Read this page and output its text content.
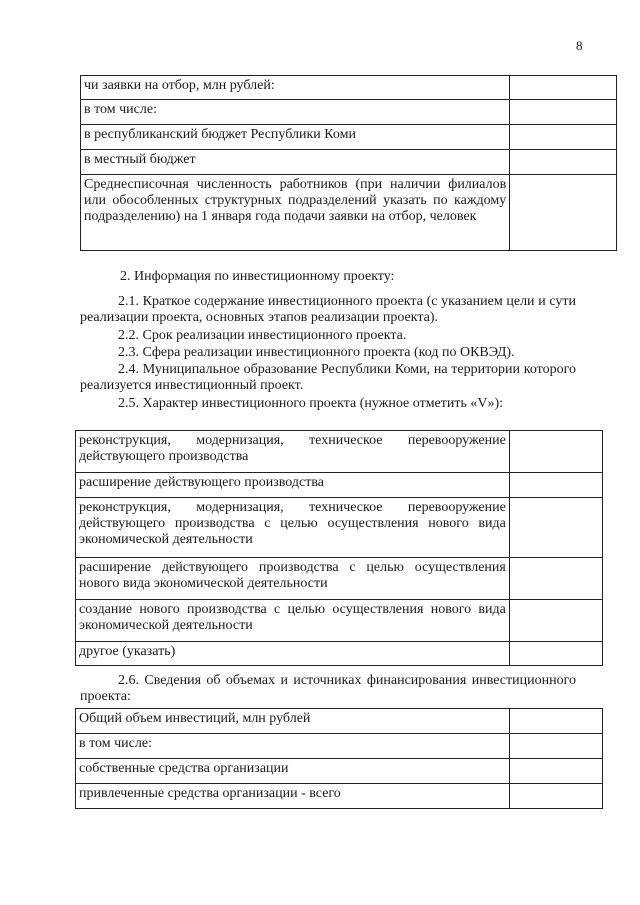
8
чи заявки на отбор, млн рублей:	
в том числе:	
в республиканский бюджет Республики Коми	
в местный бюджет	
Среднесписочная численность работников (при наличии филиалов или обособленных структурных подразделений указать по каждому подразделению) на 1 января года подачи заявки на отбор, человек	
2. Информация по инвестиционному проекту:
2.1. Краткое содержание инвестиционного проекта (с указанием цели и сути реализации проекта, основных этапов реализации проекта).
2.2. Срок реализации инвестиционного проекта.
2.3. Сфера реализации инвестиционного проекта (код по ОКВЭД).
2.4. Муниципальное образование Республики Коми, на территории которого реализуется инвестиционный проект.
2.5. Характер инвестиционного проекта (нужное отметить «V»):
реконструкция, модернизация, техническое перевооружение действующего производства	
расширение действующего производства	
реконструкция, модернизация, техническое перевооружение действующего производства с целью осуществления нового вида экономической деятельности	
расширение действующего производства с целью осуществления нового вида экономической деятельности	
создание нового производства с целью осуществления нового вида экономической деятельности	
другое (указать)	
2.6. Сведения об объемах и источниках финансирования инвестиционного проекта:
Общий объем инвестиций, млн рублей	
в том числе:	
собственные средства организации	
привлеченные средства организации - всего	
